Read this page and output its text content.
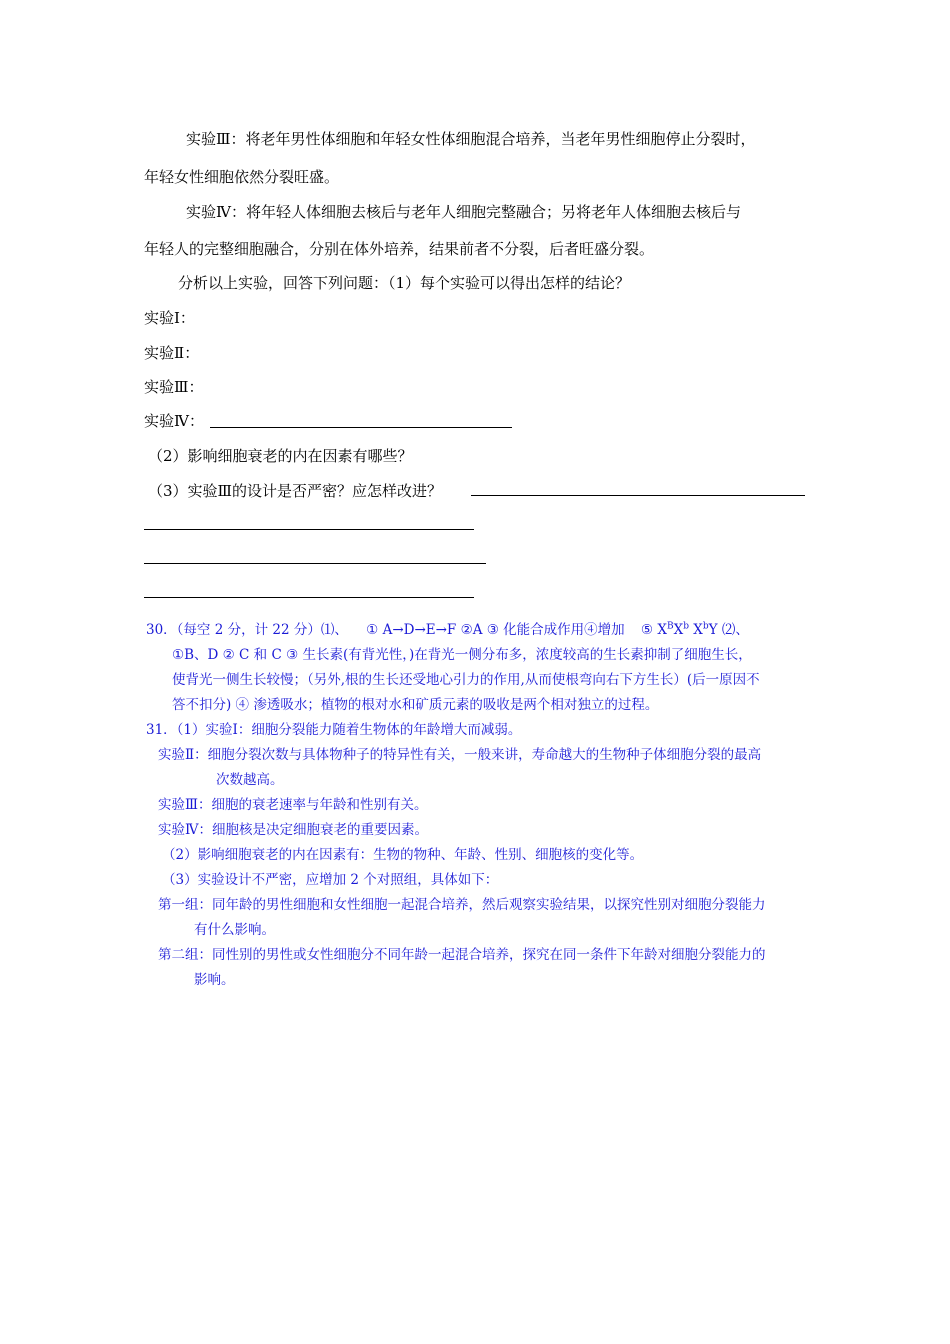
实验Ⅲ：将老年男性体细胞和年轻女性体细胞混合培养，当老年男性细胞停止分裂时，
年轻女性细胞依然分裂旺盛。
实验Ⅳ：将年轻人体细胞去核后与老年人细胞完整融合；另将老年人体细胞去核后与
年轻人的完整细胞融合，分别在体外培养，结果前者不分裂，后者旺盛分裂。
分析以上实验，回答下列问题：（1）每个实验可以得出怎样的结论？
实验Ⅰ：
实验Ⅱ：
实验Ⅲ：
实验Ⅳ：
（2）影响细胞衰老的内在因素有哪些？
（3）实验Ⅲ的设计是否严密？应怎样改进？
30．（每空 2 分，计 22 分）⑴、 ① A→D→E→F ②A ③ 化能合成作用④增加 ⑤ $X^BX^b$ $X^bY$ ⑵、
①B、D ② C 和 C ③ 生长素(有背光性，)在背光一侧分布多，浓度较高的生长素抑制了细胞生长，
使背光一侧生长较慢；（另外,根的生长还受地心引力的作用,从而使根弯向右下方生长）(后一原因不
答不扣分) ④ 渗透吸水；植物的根对水和矿质元素的吸收是两个相对独立的过程。
31．（1）实验Ⅰ：细胞分裂能力随着生物体的年龄增大而减弱。
实验Ⅱ：细胞分裂次数与具体物种子的特异性有关，一般来讲，寿命越大的生物种子体细胞分裂的最高
次数越高。
实验Ⅲ：细胞的衰老速率与年龄和性别有关。
实验Ⅳ：细胞核是决定细胞衰老的重要因素。
（2）影响细胞衰老的内在因素有：生物的物种、年龄、性别、细胞核的变化等。
（3）实验设计不严密，应增加 2 个对照组，具体如下：
第一组：同年龄的男性细胞和女性细胞一起混合培养，然后观察实验结果，以探究性别对细胞分裂能力
有什么影响。
第二组：同性别的男性或女性细胞分不同年龄一起混合培养，探究在同一条件下年龄对细胞分裂能力的
影响。
